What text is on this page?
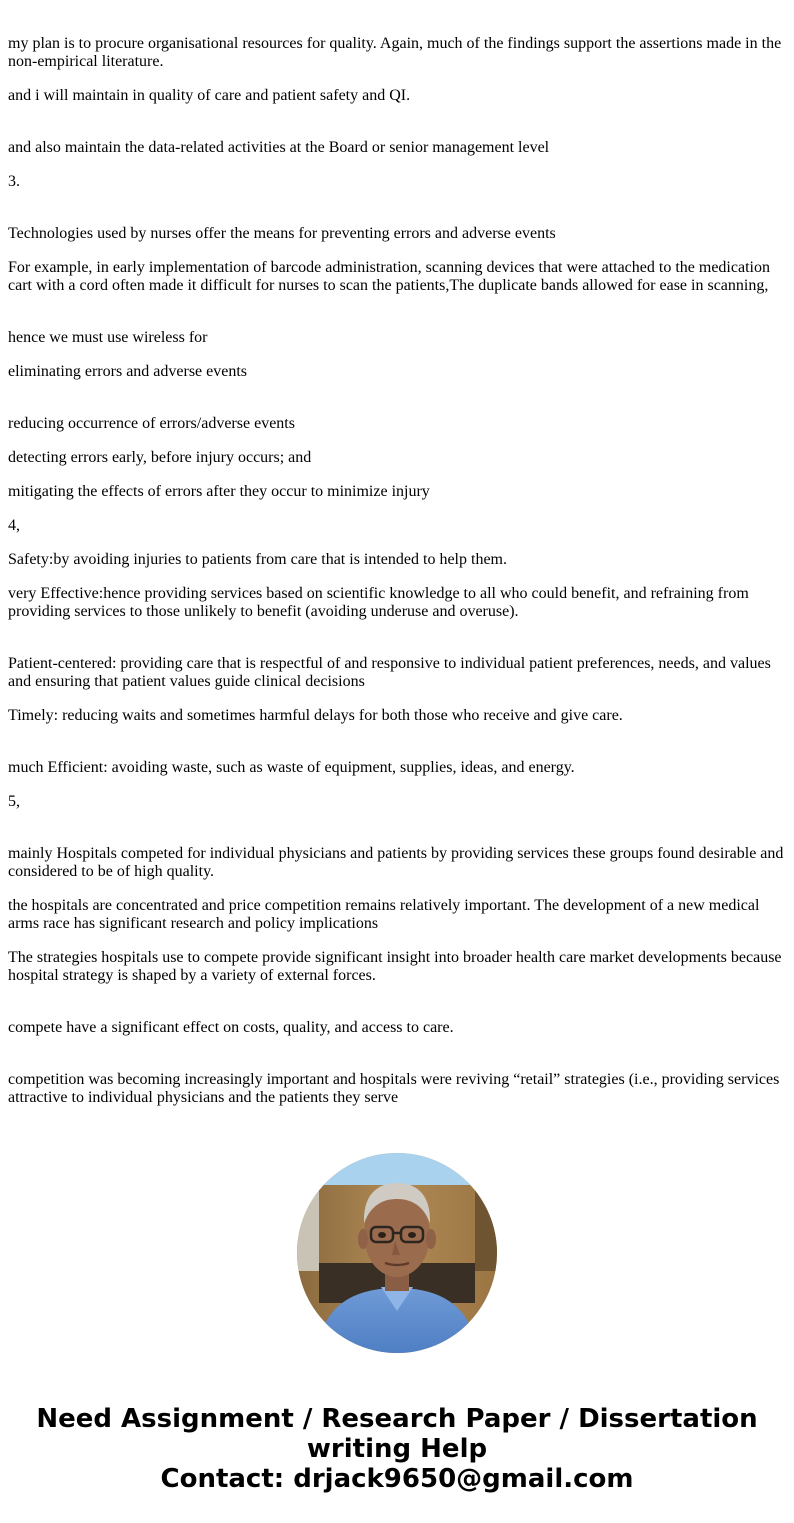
my plan is to procure organisational resources for quality. Again, much of the findings support the assertions made in the non-empirical literature.

and i will maintain in quality of care and patient safety and QI.

and also maintain the data-related activities at the Board or senior management level

3.

Technologies used by nurses offer the means for preventing errors and adverse events

For example, in early implementation of barcode administration, scanning devices that were attached to the medication cart with a cord often made it difficult for nurses to scan the patients,The duplicate bands allowed for ease in scanning,

hence we must use wireless for

eliminating errors and adverse events

reducing occurrence of errors/adverse events

detecting errors early, before injury occurs; and

mitigating the effects of errors after they occur to minimize injury

4,

Safety:by avoiding injuries to patients from care that is intended to help them.

very Effective:hence providing services based on scientific knowledge to all who could benefit, and refraining from providing services to those unlikely to benefit (avoiding underuse and overuse).

Patient-centered: providing care that is respectful of and responsive to individual patient preferences, needs, and values and ensuring that patient values guide clinical decisions

Timely: reducing waits and sometimes harmful delays for both those who receive and give care.

much Efficient: avoiding waste, such as waste of equipment, supplies, ideas, and energy.

5,

mainly Hospitals competed for individual physicians and patients by providing services these groups found desirable and considered to be of high quality.

the hospitals are concentrated and price competition remains relatively important. The development of a new medical arms race has significant research and policy implications

The strategies hospitals use to compete provide significant insight into broader health care market developments because hospital strategy is shaped by a variety of external forces.

compete have a significant effect on costs, quality, and access to care.

competition was becoming increasingly important and hospitals were reviving “retail” strategies (i.e., providing services attractive to individual physicians and the patients they serve

Need Assignment / Research Paper / Dissertation
writing Help
Contact: drjack9650@gmail.com
